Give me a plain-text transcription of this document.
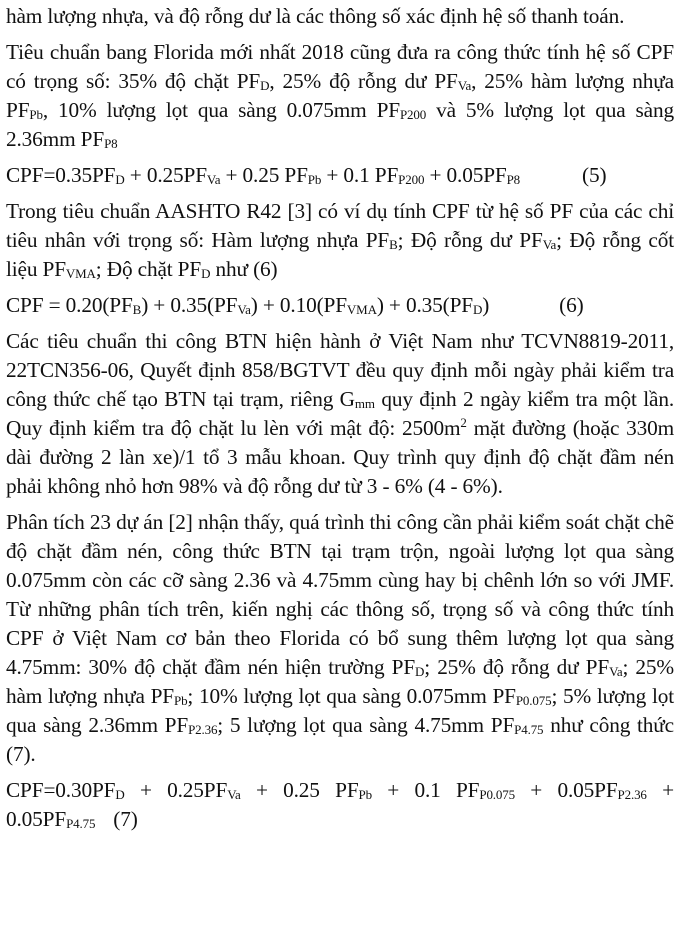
hàm lượng nhựa, và độ rỗng dư là các thông số xác định hệ số thanh toán.

Tiêu chuẩn bang Florida mới nhất 2018 cũng đưa ra công thức tính hệ số CPF có trọng số: 35% độ chặt $PF_D$, 25% độ rỗng dư $PF_{Va}$, 25% hàm lượng nhựa $PF_{Pb}$, 10% lượng lọt qua sàng 0.075mm $PF_{P200}$ và 5% lượng lọt qua sàng 2.36mm $PF_{P8}$

$CPF=0.35PF_D + 0.25PF_{Va} + 0.25$ $PF_{Pb} + 0.1$ $PF_{P200} + 0.05PF_{P8}$	(5)

Trong tiêu chuẩn AASHTO R42 [3] có ví dụ tính CPF từ hệ số PF của các chỉ tiêu nhân với trọng số: Hàm lượng nhựa $PF_B$; Độ rỗng dư $PF_{Va}$; Độ rỗng cốt liệu $PF_{VMA}$; Độ chặt $PF_D$ như (6)

CPF = $0.20(PF_B) + 0.35(PF_{Va}) + 0.10(PF_{VMA}) + 0.35(PF_D)$	(6)

Các tiêu chuẩn thi công BTN hiện hành ở Việt Nam như TCVN8819-2011, 22TCN356-06, Quyết định 858/BGTVT đều quy định mỗi ngày phải kiểm tra công thức chế tạo BTN tại trạm, riêng $G_{mm}$ quy định 2 ngày kiểm tra một lần. Quy định kiểm tra độ chặt lu lèn với mật độ: $2500m^2$ mặt đường (hoặc 330m dài đường 2 làn xe)/1 tổ 3 mẫu khoan. Quy trình quy định độ chặt đầm nén phải không nhỏ hơn 98% và độ rỗng dư từ 3 - 6% (4 - 6%).

Phân tích 23 dự án [2] nhận thấy, quá trình thi công cần phải kiểm soát chặt chẽ độ chặt đầm nén, công thức BTN tại trạm trộn, ngoài lượng lọt qua sàng 0.075mm còn các cỡ sàng 2.36 và 4.75mm cùng hay bị chênh lớn so với JMF. Từ những phân tích trên, kiến nghị các thông số, trọng số và công thức tính CPF ở Việt Nam cơ bản theo Florida có bổ sung thêm lượng lọt qua sàng 4.75mm: 30% độ chặt đầm nén hiện trường $PF_D$; 25% độ rỗng dư $PF_{Va}$; 25% hàm lượng nhựa $PF_{Pb}$; 10% lượng lọt qua sàng 0.075mm $PF_{P0.075}$; 5% lượng lọt qua sàng 2.36mm $PF_{P2.36}$; 5 lượng lọt qua sàng 4.75mm $PF_{P4.75}$ như công thức (7).

$CPF=0.30PF_D + 0.25PF_{Va} + 0.25$ $PF_{Pb} + 0.1$ $PF_{P0.075} + 0.05PF_{P2.36} + 0.05PF_{P4.75}$ (7)
